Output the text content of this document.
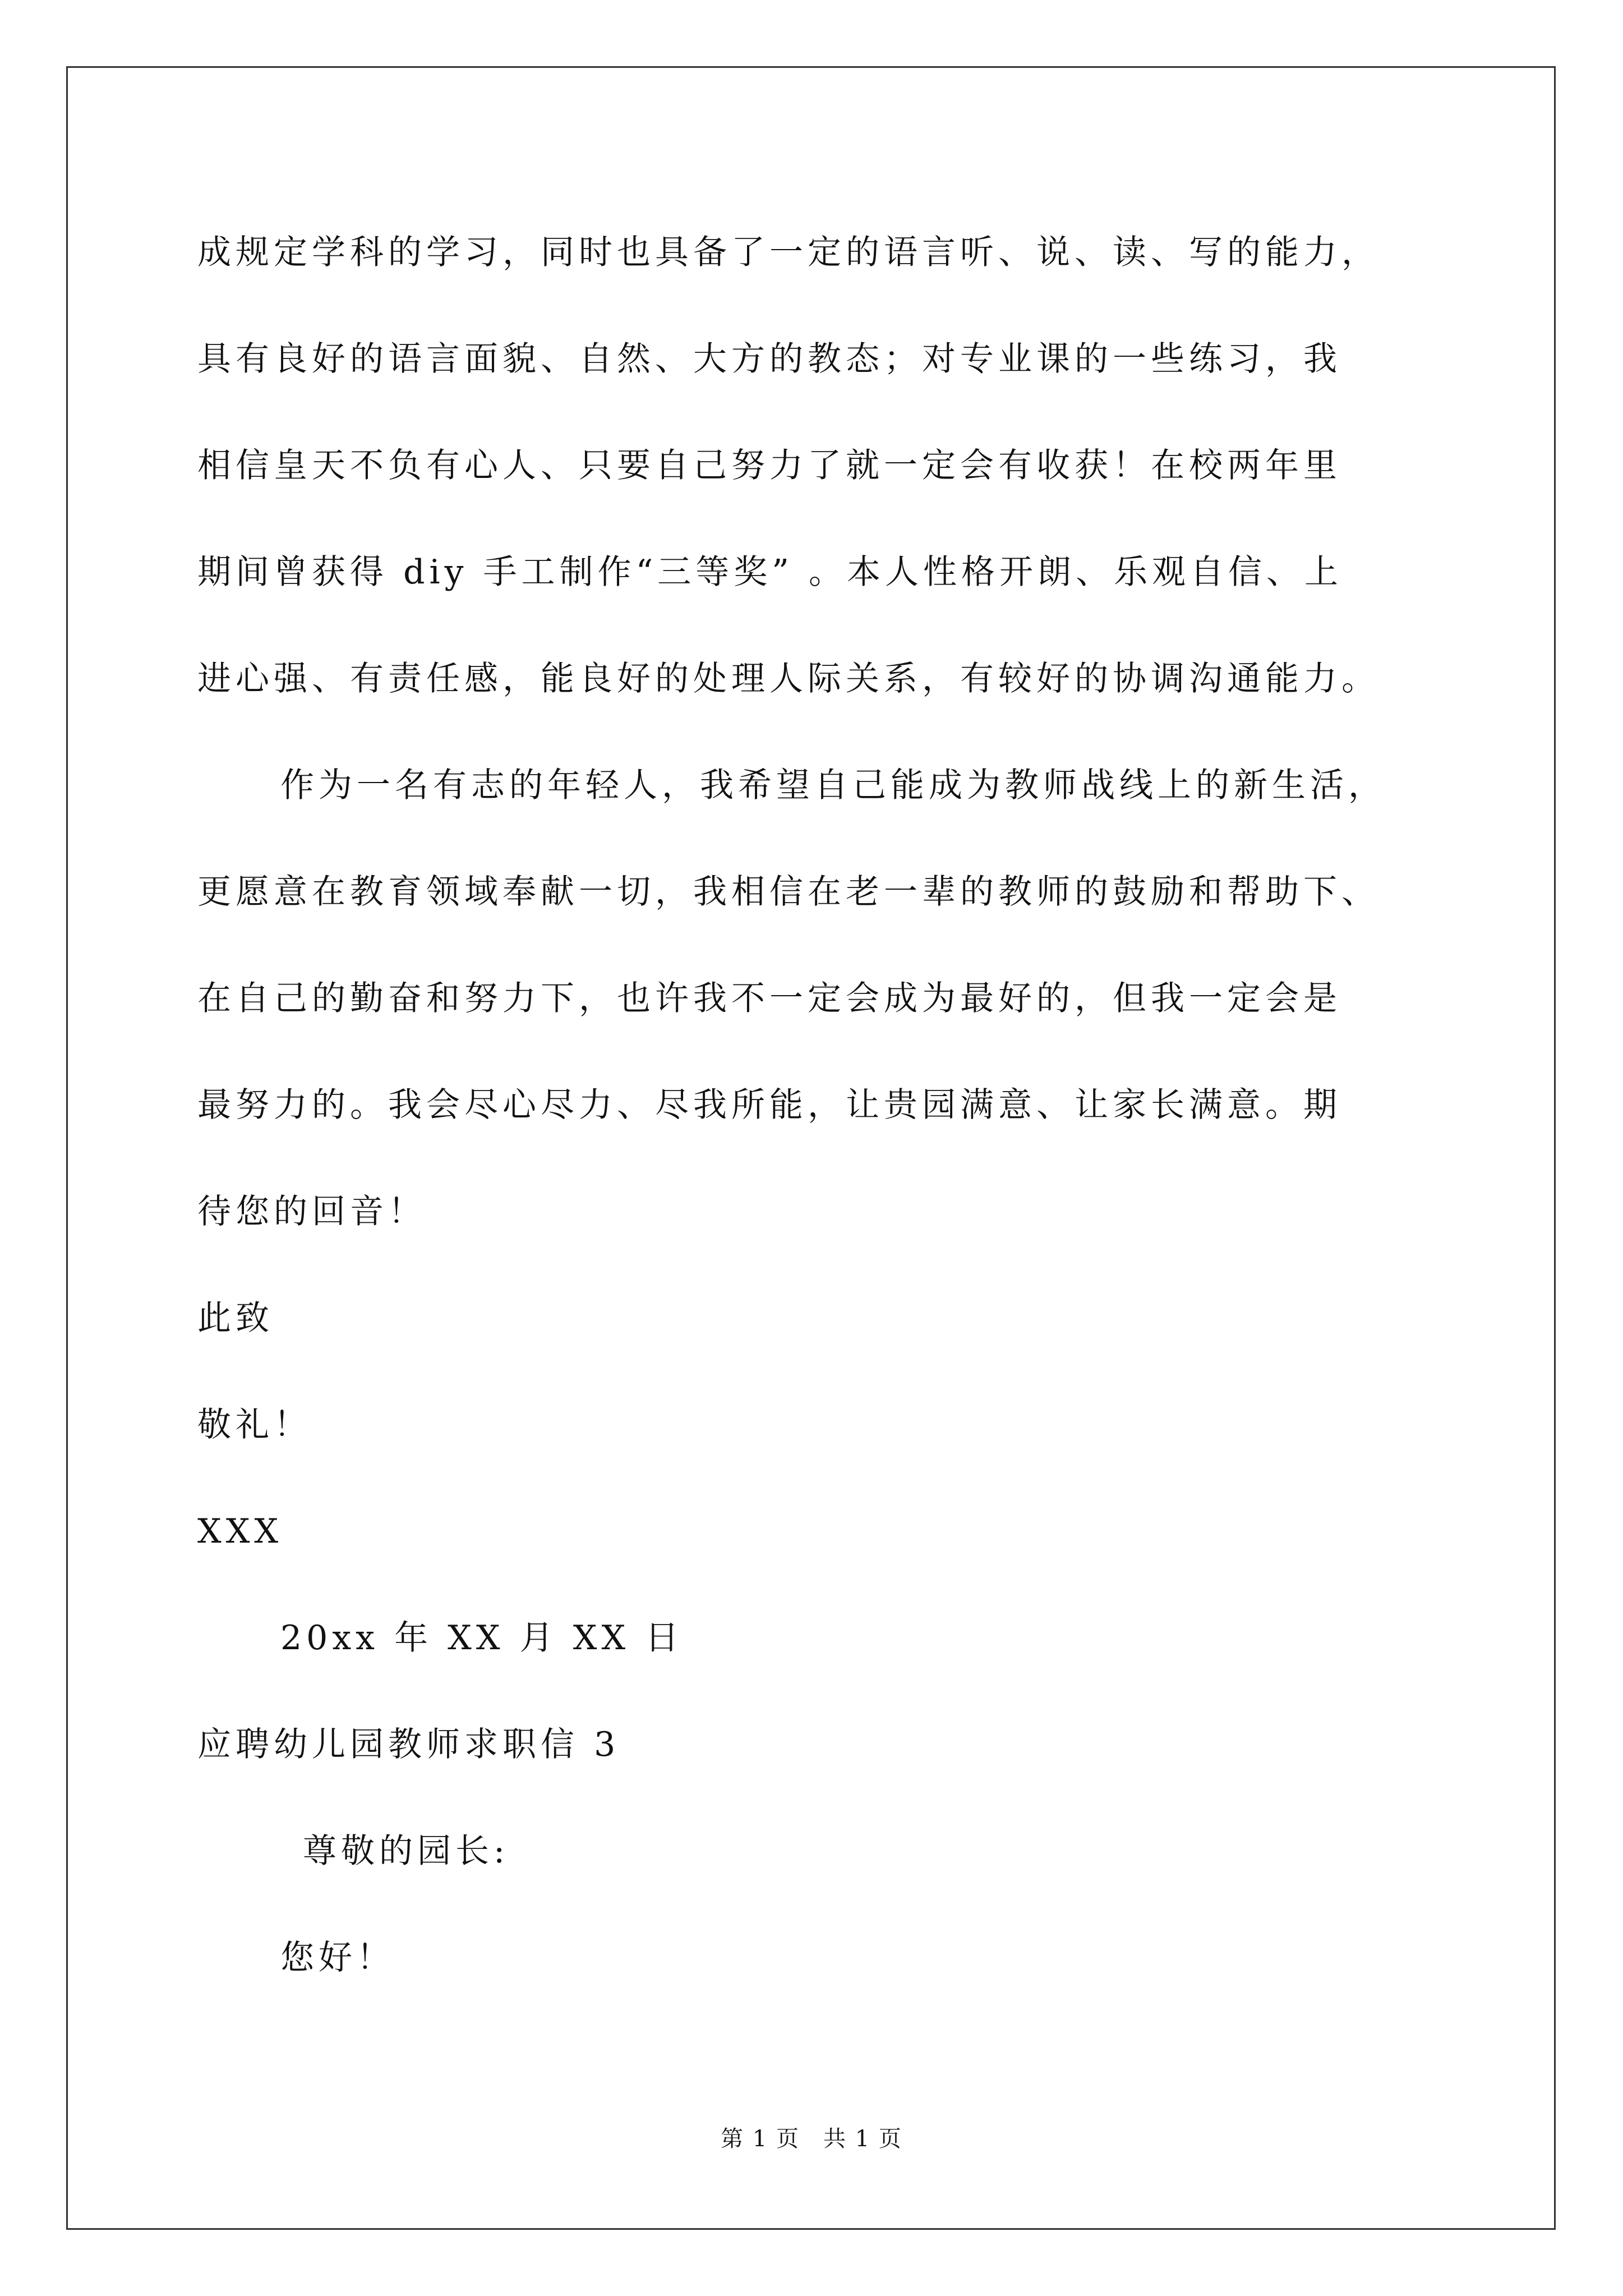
成规定学科的学习，同时也具备了一定的语言听、说、读、写的能力，
具有良好的语言面貌、自然、大方的教态；对专业课的一些练习，我
相信皇天不负有心人、只要自己努力了就一定会有收获！在校两年里
期间曾获得 diy 手工制作“三等奖” 。本人性格开朗、乐观自信、上
进心强、有责任感，能良好的处理人际关系，有较好的协调沟通能力。
作为一名有志的年轻人，我希望自己能成为教师战线上的新生活，
更愿意在教育领域奉献一切，我相信在老一辈的教师的鼓励和帮助下、
在自己的勤奋和努力下，也许我不一定会成为最好的，但我一定会是
最努力的。我会尽心尽力、尽我所能，让贵园满意、让家长满意。期
待您的回音！
此致
敬礼！
XXX
20xx 年 XX 月 XX 日
应聘幼儿园教师求职信 3
尊敬的园长:
您好！
第 1 页　共 1 页
